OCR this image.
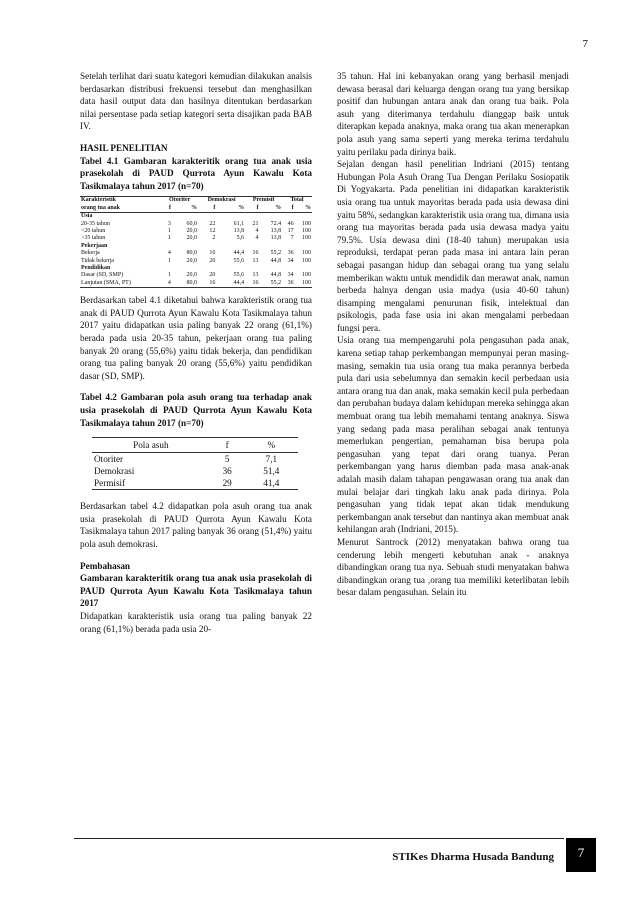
7

Setelah terlihat dari suatu kategori kemudian dilakukan analsis berdasarkan distribusi frekuensi tersebut dan menghasilkan data hasil output data dan hasilnya ditentukan berdasarkan nilai persentase pada setiap kategori serta disajikan pada BAB IV.

HASIL PENELITIAN

Tabel 4.1 Gambaran karakteritik orang tua anak usia prasekolah di PAUD Qurrota Ayun Kawalu Kota Tasikmalaya tahun 2017 (n=70)

Karakteristik	Otoriter		Demokrasi		Premisif		Total	
orang tua anak	f	%	f	%	f	%	f	%
Usia								
20-35 tahun	3	60,0	22	61,1	21	72.4	46	100
<20 tahun	1	20,0	12	13,8	4	13,8	17	100
>35 tahun	1	20,0	2	5,6	4	13,8	7	100
Pekerjaan								
Bekerja	4	80,0	16	44,4	16	55,2	36	100
Tidak bekerja	1	20,0	20	55,6	13	44,8	34	100
Pendidikan								
Dasar (SD, SMP)	1	20,0	20	55,6	13	44,8	34	100
Lanjutan (SMA, PT)	4	80,0	16	44,4	16	55,2	36	100

Berdasarkan tabel 4.1 diketahui bahwa karakteristik orang tua anak di PAUD Qurrota Ayun Kawalu Kota Tasikmalaya tahun 2017 yaitu didapatkan usia paling banyak 22 orang (61,1%) berada pada usia 20-35 tahun, pekerjaan orang tua paling banyak 20 orang (55,6%) yaitu tidak bekerja, dan pendidikan orang tua paling banyak 20 orang (55,6%) yaitu pendidikan dasar (SD, SMP).

Tabel 4.2 Gambaran pola asuh orang tua terhadap anak usia prasekolah di PAUD Qurrota Ayun Kawalu Kota Tasikmalaya tahun 2017 (n=70)

Pola asuh	f	%
Otoriter	5	7,1
Demokrasi	36	51,4
Permisif	29	41,4

Berdasarkan tabel 4.2 didapatkan pola asuh orang tua anak usia prasekolah di PAUD Qurrota Ayun Kawalu Kota Tasikmalaya tahun 2017 paling banyak 36 orang (51,4%) yaitu pola asuh demokrasi.

Pembahasan

Gambaran karakteritik orang tua anak usia prasekolah di PAUD Qurrota Ayun Kawalu Kota Tasikmalaya tahun 2017

Didapatkan karakteristik usia orang tua paling banyak 22 orang (61,1%) berada pada usia 20-

35 tahun. Hal ini kebanyakan orang yang berhasil menjadi dewasa berasal dari keluarga dengan orang tua yang bersikap positif dan hubungan antara anak dan orang tua baik. Pola asuh yang diterimanya terdahulu dianggap baik untuk diterapkan kepada anaknya, maka orang tua akan menerapkan pola asuh yang sama seperti yang mereka terima terdahulu yaitu perilaku pada dirinya baik.

Sejalan dengan hasil penelitian Indriani (2015) tentang Hubungan Pola Asuh Orang Tua Dengan Perilaku Sosiopatik Di Yogyakarta. Pada penelitian ini didapatkan karakteristik usia orang tua untuk mayoritas berada pada usia dewasa dini yaitu 58%, sedangkan karakteristik usia orang tua, dimana usia orang tua mayoritas berada pada usia dewasa madya yaitu 79.5%. Usia dewasa dini (18-40 tahun) merupakan usia reproduksi, terdapat peran pada masa ini antara lain peran sebagai pasangan hidup dan sebagai orang tua yang selalu memberikan waktu untuk mendidik dan merawat anak, namun berbeda halnya dengan usia madya (usia 40-60 tahun) disamping mengalami penurunan fisik, intelektual dan psikologis, pada fase usia ini akan mengalami perbedaan fungsi pera.

Usia orang tua mempengaruhi pola pengasuhan pada anak, karena setiap tahap perkembangan mempunyai peran masing-masing, semakin tua usia orang tua maka perannya berbeda pula dari usia sebelumnya dan semakin kecil perbedaan usia antara orang tua dan anak, maka semakin kecil pula perbedaan dan perubahan budaya dalam kehidupan mereka sehingga akan membuat orang tua lebih memahami tentang anaknya. Siswa yang sedang pada masa peralihan sebagai anak tentunya memerlukan pengertian, pemahaman bisa berupa pola pengasuhan yang tepat dari orang tuanya. Peran perkembangan yang harus diemban pada masa anak-anak adalah masih dalam tahapan pengawasan orang tua anak dan mulai belajar dari tingkah laku anak pada dirinya. Pola pengasuhan yang tidak tepat akan tidak mendukung perkembangan anak tersebut dan nantinya akan membuat anak kehilangan arah (Indriani, 2015).

Menurut Santrock (2012) menyatakan bahwa orang tua cenderung lebih mengerti kebutuhan anak - anaknya dibandingkan orang tua nya. Sebuah studi menyatakan bahwa dibandingkan orang tua ,orang tua memiliki keterlibatan lebih besar dalam pengasuhan. Selain itu

STIKes Dharma Husada Bandung	7
